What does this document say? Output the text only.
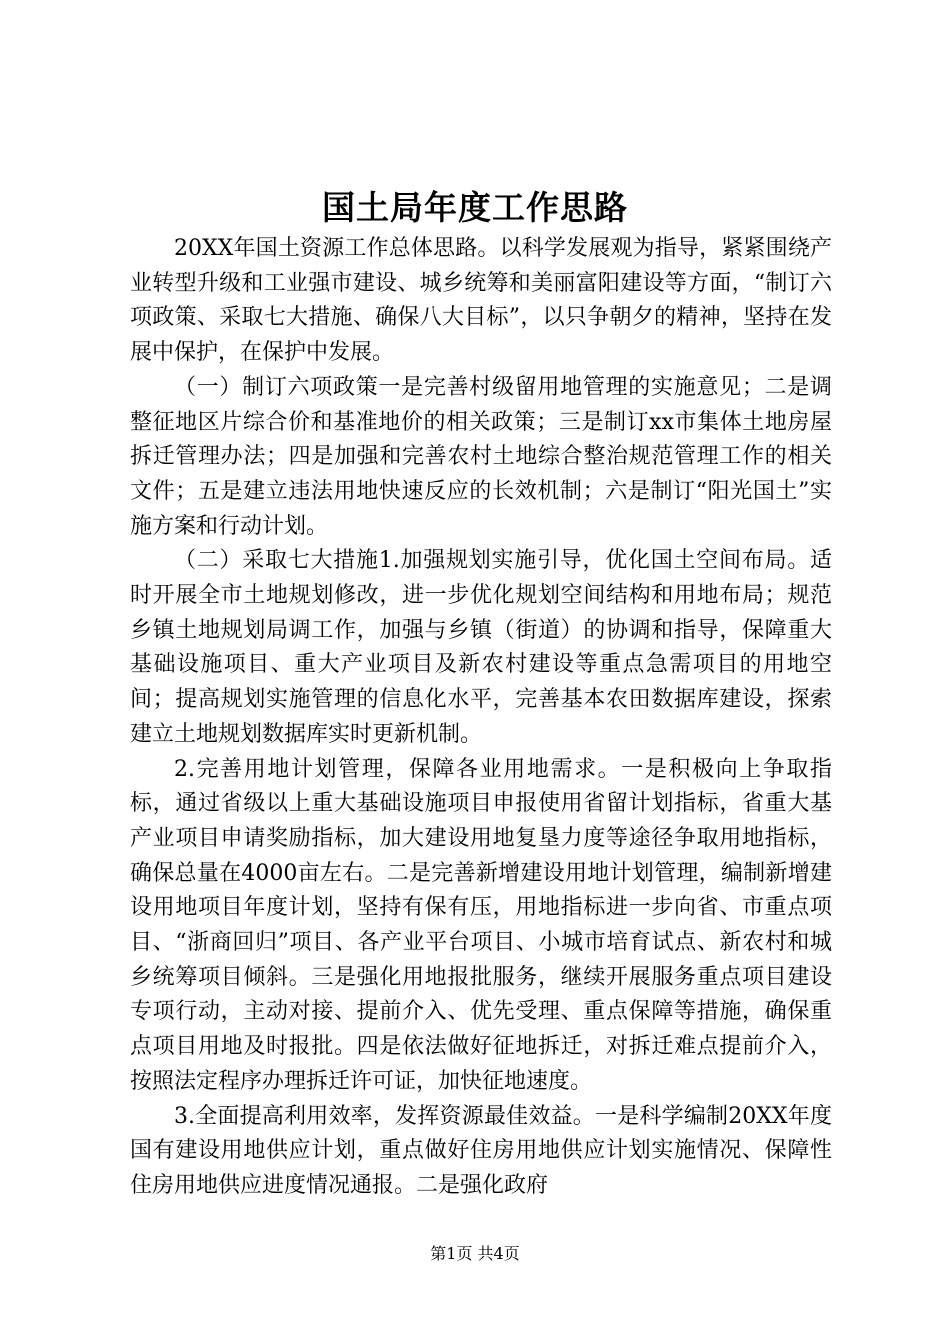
国土局年度工作思路

20XX年国土资源工作总体思路。以科学发展观为指导，紧紧围绕产业转型升级和工业强市建设、城乡统筹和美丽富阳建设等方面，“制订六项政策、采取七大措施、确保八大目标”，以只争朝夕的精神，坚持在发展中保护，在保护中发展。

（一）制订六项政策一是完善村级留用地管理的实施意见；二是调整征地区片综合价和基准地价的相关政策；三是制订xx市集体土地房屋拆迁管理办法；四是加强和完善农村土地综合整治规范管理工作的相关文件；五是建立违法用地快速反应的长效机制；六是制订“阳光国土”实施方案和行动计划。

（二）采取七大措施1.加强规划实施引导，优化国土空间布局。适时开展全市土地规划修改，进一步优化规划空间结构和用地布局；规范乡镇土地规划局调工作，加强与乡镇（街道）的协调和指导，保障重大基础设施项目、重大产业项目及新农村建设等重点急需项目的用地空间；提高规划实施管理的信息化水平，完善基本农田数据库建设，探索建立土地规划数据库实时更新机制。

2.完善用地计划管理，保障各业用地需求。一是积极向上争取指标，通过省级以上重大基础设施项目申报使用省留计划指标，省重大基产业项目申请奖励指标，加大建设用地复垦力度等途径争取用地指标，确保总量在4000亩左右。二是完善新增建设用地计划管理，编制新增建设用地项目年度计划，坚持有保有压，用地指标进一步向省、市重点项目、“浙商回归”项目、各产业平台项目、小城市培育试点、新农村和城乡统筹项目倾斜。三是强化用地报批服务，继续开展服务重点项目建设专项行动，主动对接、提前介入、优先受理、重点保障等措施，确保重点项目用地及时报批。四是依法做好征地拆迁，对拆迁难点提前介入，按照法定程序办理拆迁许可证，加快征地速度。

3.全面提高利用效率，发挥资源最佳效益。一是科学编制20XX年度国有建设用地供应计划，重点做好住房用地供应计划实施情况、保障性住房用地供应进度情况通报。二是强化政府

第1页 共4页
